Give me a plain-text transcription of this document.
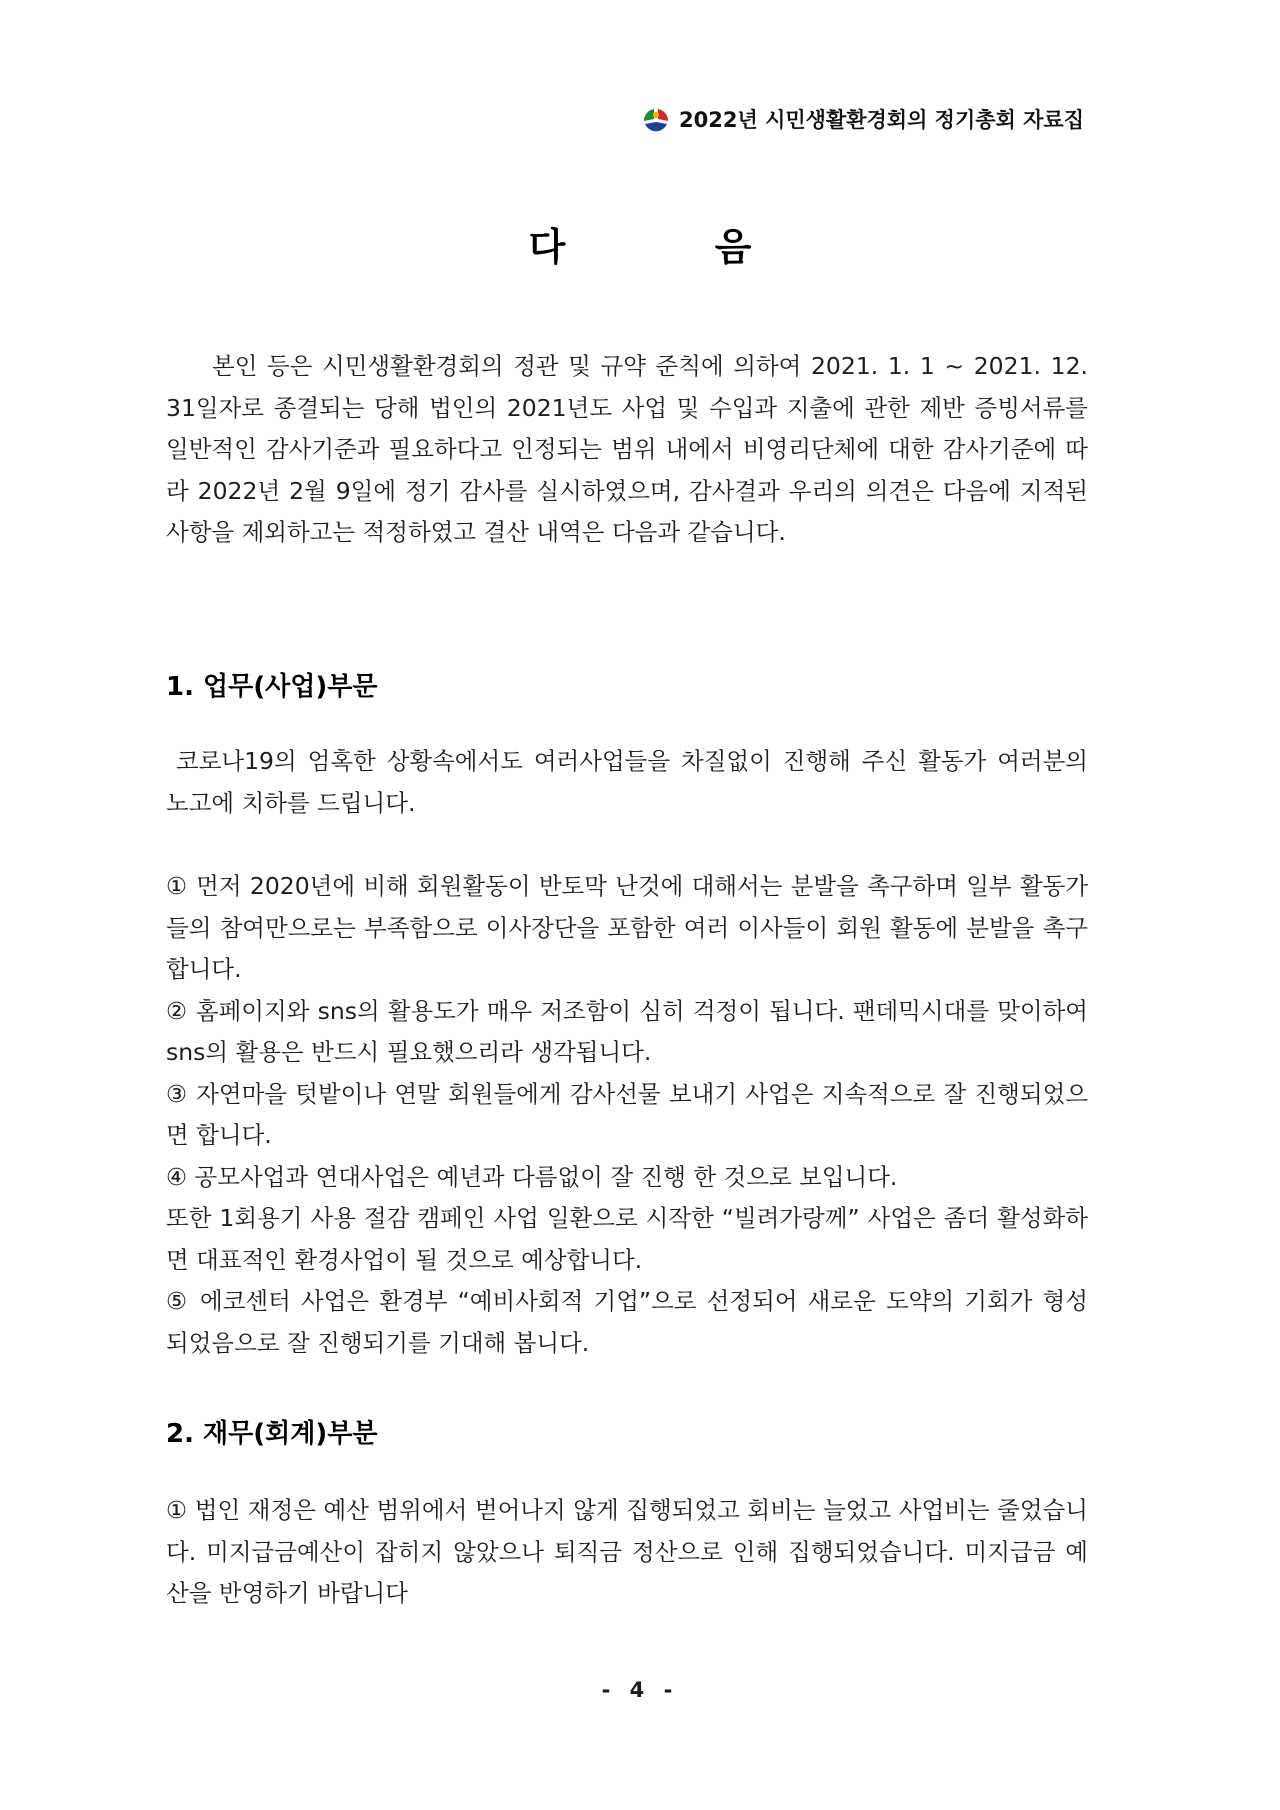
2022년 시민생활환경회의 정기총회 자료집
다 음

본인 등은 시민생활환경회의 정관 및 규약 준칙에 의하여 2021. 1. 1 ~ 2021. 12. 31일자로 종결되는 당해 법인의 2021년도 사업 및 수입과 지출에 관한 제반 증빙서류를 일반적인 감사기준과 필요하다고 인정되는 범위 내에서 비영리단체에 대한 감사기준에 따라 2022년 2월 9일에 정기 감사를 실시하였으며, 감사결과 우리의 의견은 다음에 지적된 사항을 제외하고는 적정하였고 결산 내역은 다음과 같습니다.

1. 업무(사업)부문

코로나19의 엄혹한 상황속에서도 여러사업들을 차질없이 진행해 주신 활동가 여러분의 노고에 치하를 드립니다.

① 먼저 2020년에 비해 회원활동이 반토막 난것에 대해서는 분발을 촉구하며 일부 활동가들의 참여만으로는 부족함으로 이사장단을 포함한 여러 이사들이 회원 활동에 분발을 촉구합니다.

② 홈페이지와 sns의 활용도가 매우 저조함이 심히 걱정이 됩니다. 팬데믹시대를 맞이하여 sns의 활용은 반드시 필요했으리라 생각됩니다.

③ 자연마을 텃밭이나 연말 회원들에게 감사선물 보내기 사업은 지속적으로 잘 진행되었으면 합니다.

④ 공모사업과 연대사업은 예년과 다름없이 잘 진행 한 것으로 보입니다.

또한 1회용기 사용 절감 캠페인 사업 일환으로 시작한 “빌려가랑께” 사업은 좀더 활성화하면 대표적인 환경사업이 될 것으로 예상합니다.

⑤ 에코센터 사업은 환경부 “예비사회적 기업”으로 선정되어 새로운 도약의 기회가 형성 되었음으로 잘 진행되기를 기대해 봅니다.

2. 재무(회계)부분

① 법인 재정은 예산 범위에서 벋어나지 않게 집행되었고 회비는 늘었고 사업비는 줄었습니다. 미지급금예산이 잡히지 않았으나 퇴직금 정산으로 인해 집행되었습니다. 미지급금 예산을 반영하기 바랍니다

- 4 -
